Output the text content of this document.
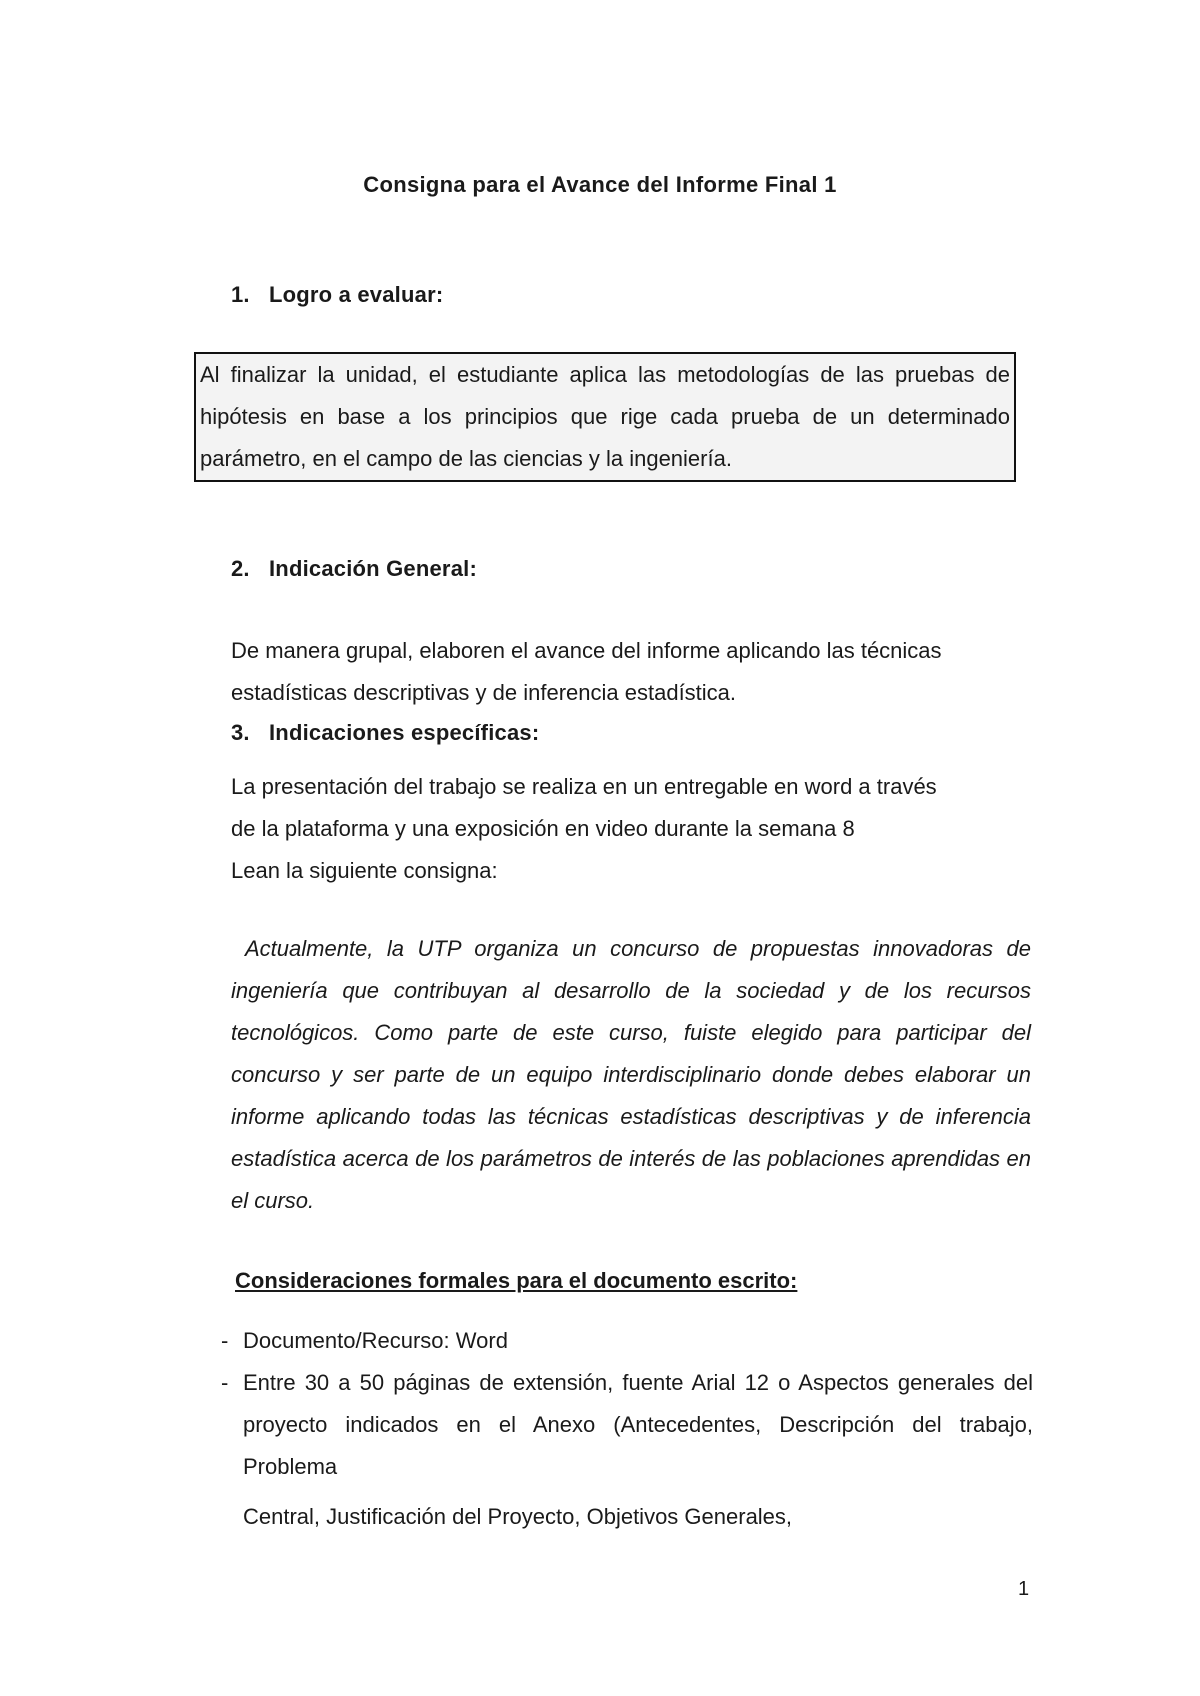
Consigna para el Avance del Informe Final 1
1. Logro a evaluar:
Al finalizar la unidad, el estudiante aplica las metodologías de las pruebas de hipótesis en base a los principios que rige cada prueba de un determinado parámetro, en el campo de las ciencias y la ingeniería.
2. Indicación General:
De manera grupal, elaboren el avance del informe aplicando las técnicas
estadísticas descriptivas y de inferencia estadística.
3. Indicaciones específicas:
La presentación del trabajo se realiza en un entregable en word a través
de la plataforma y una exposición en video durante la semana 8
Lean la siguiente consigna:
Actualmente, la UTP organiza un concurso de propuestas innovadoras de ingeniería que contribuyan al desarrollo de la sociedad y de los recursos tecnológicos. Como parte de este curso, fuiste elegido para participar del concurso y ser parte de un equipo interdisciplinario donde debes elaborar un informe aplicando todas las técnicas estadísticas descriptivas y de inferencia estadística acerca de los parámetros de interés de las poblaciones aprendidas en el curso.
Consideraciones formales para el documento escrito:
- Documento/Recurso: Word
- Entre 30 a 50 páginas de extensión, fuente Arial 12 o Aspectos generales del proyecto indicados en el Anexo (Antecedentes, Descripción del trabajo, Problema
Central, Justificación del Proyecto, Objetivos Generales,
1
